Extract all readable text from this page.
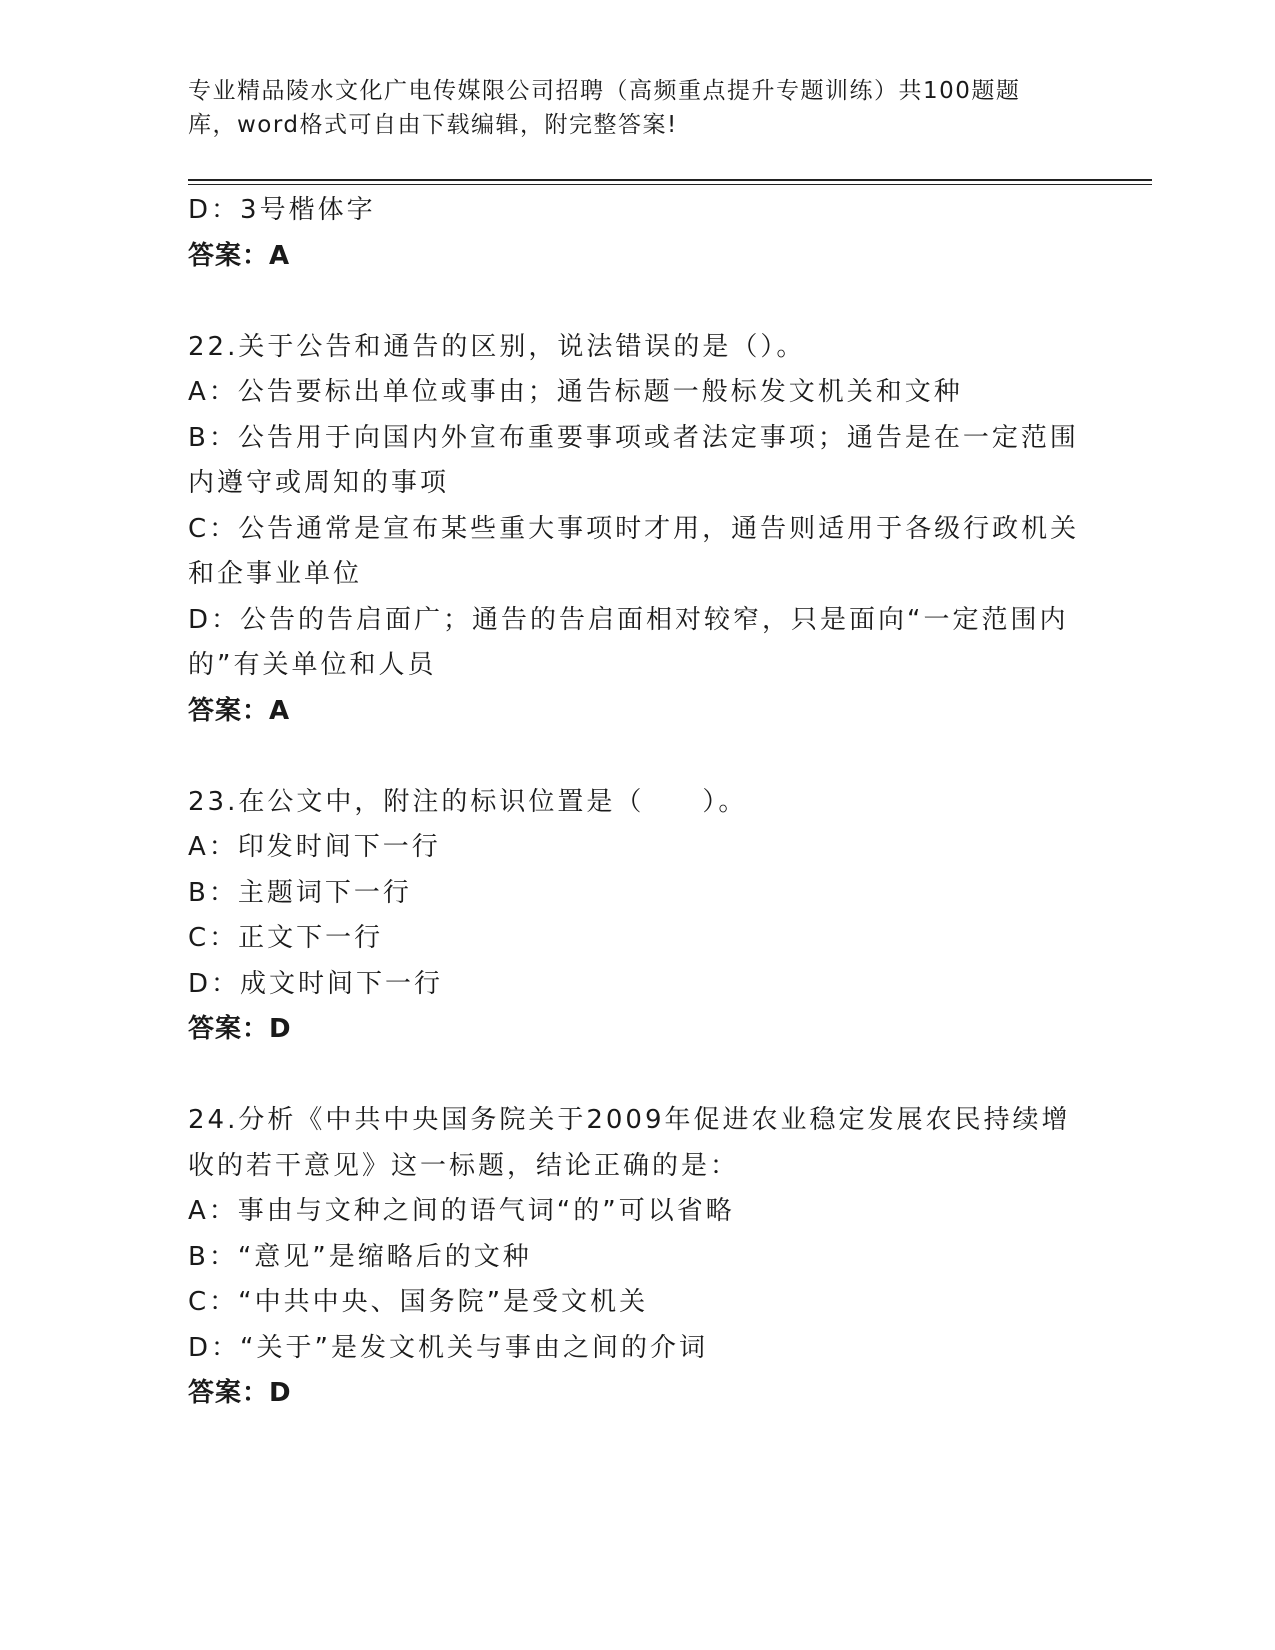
专业精品陵水文化广电传媒限公司招聘（高频重点提升专题训练）共100题题库，word格式可自由下载编辑，附完整答案!
D：3号楷体字
答案：A
22.关于公告和通告的区别，说法错误的是（）。
A：公告要标出单位或事由；通告标题一般标发文机关和文种
B：公告用于向国内外宣布重要事项或者法定事项；通告是在一定范围
内遵守或周知的事项
C：公告通常是宣布某些重大事项时才用，通告则适用于各级行政机关
和企事业单位
D：公告的告启面广；通告的告启面相对较窄，只是面向“一定范围内
的”有关单位和人员
答案：A
23.在公文中，附注的标识位置是（　　）。
A：印发时间下一行
B：主题词下一行
C：正文下一行
D：成文时间下一行
答案：D
24.分析《中共中央国务院关于2009年促进农业稳定发展农民持续增
收的若干意见》这一标题，结论正确的是：
A：事由与文种之间的语气词“的”可以省略
B：“意见”是缩略后的文种
C：“中共中央、国务院”是受文机关
D：“关于”是发文机关与事由之间的介词
答案：D
